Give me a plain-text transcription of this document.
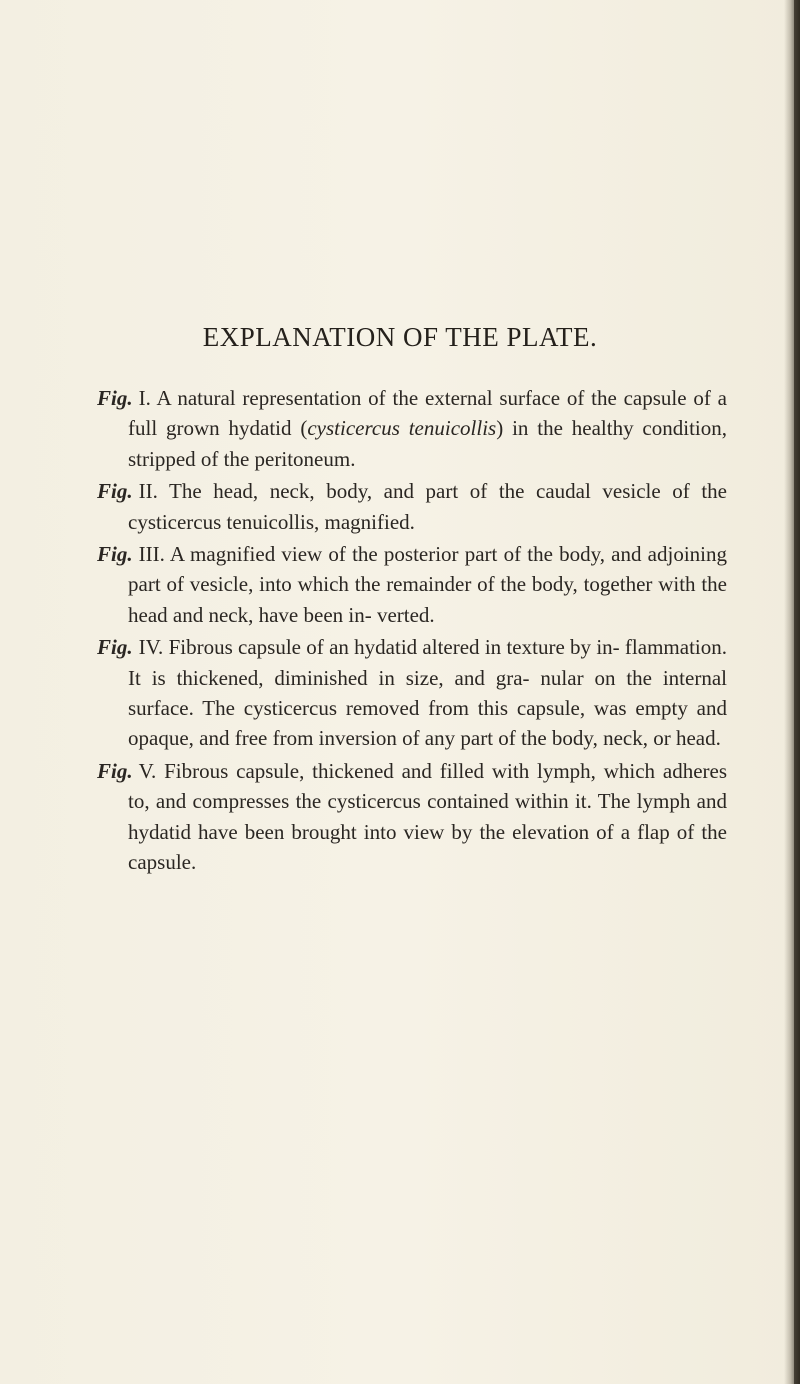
EXPLANATION OF THE PLATE.

Fig. I. A natural representation of the external surface of the capsule of a full grown hydatid (cysticercus tenuicollis) in the healthy condition, stripped of the peritoneum.

Fig. II. The head, neck, body, and part of the caudal vesicle of the cysticercus tenuicollis, magnified.

Fig. III. A magnified view of the posterior part of the body, and adjoining part of vesicle, into which the remainder of the body, together with the head and neck, have been in- verted.

Fig. IV. Fibrous capsule of an hydatid altered in texture by in- flammation. It is thickened, diminished in size, and gra- nular on the internal surface. The cysticercus removed from this capsule, was empty and opaque, and free from inversion of any part of the body, neck, or head.

Fig. V. Fibrous capsule, thickened and filled with lymph, which adheres to, and compresses the cysticercus contained within it. The lymph and hydatid have been brought into view by the elevation of a flap of the capsule.
